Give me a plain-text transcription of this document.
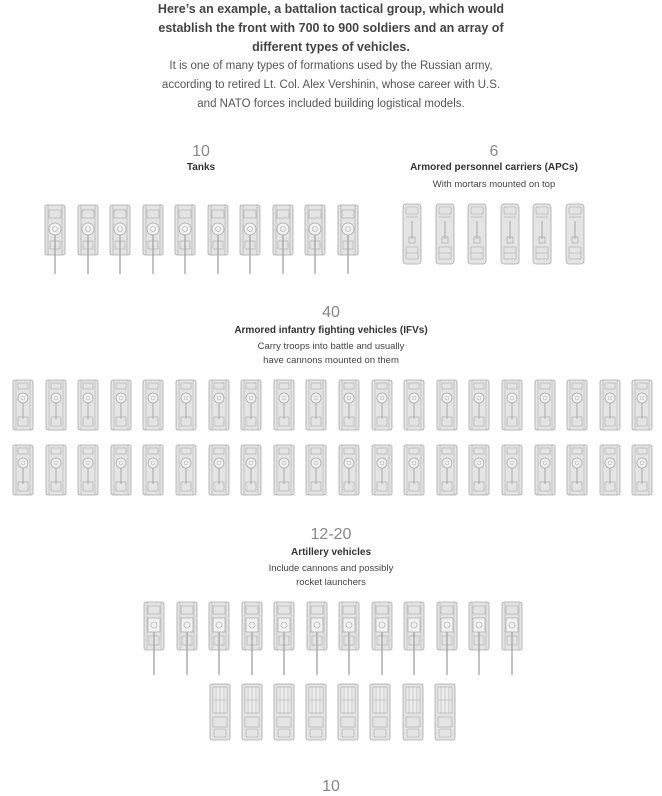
Here’s an example, a battalion tactical group, which would

establish the front with 700 to 900 soldiers and an array of

different types of vehicles.

It is one of many types of formations used by the Russian army,

according to retired Lt. Col. Alex Vershinin, whose career with U.S.

and NATO forces included building logistical models.

10
Tanks
6
Armored personnel carriers (APCs)
With mortars mounted on top
40
Armored infantry fighting vehicles (IFVs)
Carry troops into battle and usually
have cannons mounted on them
12-20
Artillery vehicles
Include cannons and possibly
rocket launchers
10
